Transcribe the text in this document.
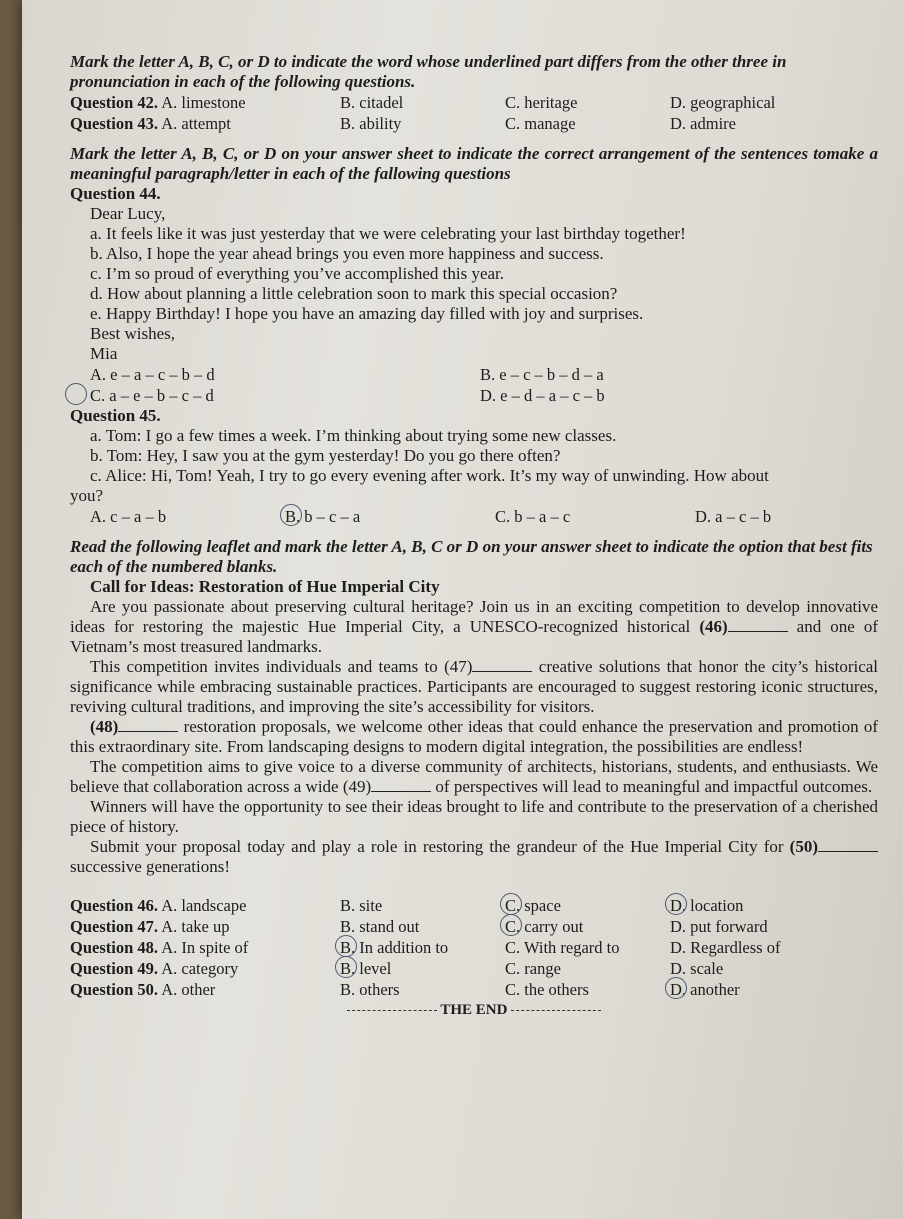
Mark the letter A, B, C, or D to indicate the word whose underlined part differs from the other three in pronunciation in each of the following questions.

Question 42. A. limestone	B. citadel	C. heritage	D. geographical
Question 43. A. attempt	B. ability	C. manage	D. admire

Mark the letter A, B, C, or D on your answer sheet to indicate the correct arrangement of the sentences tomake a meaningful paragraph/letter in each of the fallowing questions

Question 44.

Dear Lucy,

a. It feels like it was just yesterday that we were celebrating your last birthday together!

b. Also, I hope the year ahead brings you even more happiness and success.

c. I’m so proud of everything you’ve accomplished this year.

d. How about planning a little celebration soon to mark this special occasion?

e. Happy Birthday! I hope you have an amazing day filled with joy and surprises.

Best wishes,

Mia

A. e – a – c – b – d	B. e – c – b – d – a
C. a – e – b – c – d	D. e – d – a – c – b

Question 45.

a. Tom: I go a few times a week. I’m thinking about trying some new classes.

b. Tom: Hey, I saw you at the gym yesterday! Do you go there often?

c. Alice: Hi, Tom! Yeah, I try to go every evening after work. It’s my way of unwinding. How about

you?

A. c – a – b	B. b – c – a	C. b – a – c	D. a – c – b

Read the following leaflet and mark the letter A, B, C or D on your answer sheet to indicate the option that best fits each of the numbered blanks.

Call for Ideas: Restoration of Hue Imperial City

Are you passionate about preserving cultural heritage? Join us in an exciting competition to develop innovative ideas for restoring the majestic Hue Imperial City, a UNESCO-recognized historical (46)	and one of Vietnam’s most treasured landmarks.

This competition invites individuals and teams to (47)	creative solutions that honor the city’s historical significance while embracing sustainable practices. Participants are encouraged to suggest restoring iconic structures, reviving cultural traditions, and improving the site’s accessibility for visitors.

(48)	restoration proposals, we welcome other ideas that could enhance the preservation and promotion of this extraordinary site. From landscaping designs to modern digital integration, the possibilities are endless!

The competition aims to give voice to a diverse community of architects, historians, students, and enthusiasts. We believe that collaboration across a wide (49)	of perspectives will lead to meaningful and impactful outcomes.

Winners will have the opportunity to see their ideas brought to life and contribute to the preservation of a cherished piece of history.

Submit your proposal today and play a role in restoring the grandeur of the Hue Imperial City for (50) successive generations!

Question 46. A. landscape	B. site	C. space	D. location
Question 47. A. take up	B. stand out	C. carry out	D. put forward
Question 48. A. In spite of	B. In addition to	C. With regard to	D. Regardless of
Question 49. A. category	B. level	C. range	D. scale
Question 50. A. other	B. others	C. the others	D. another
THE END
